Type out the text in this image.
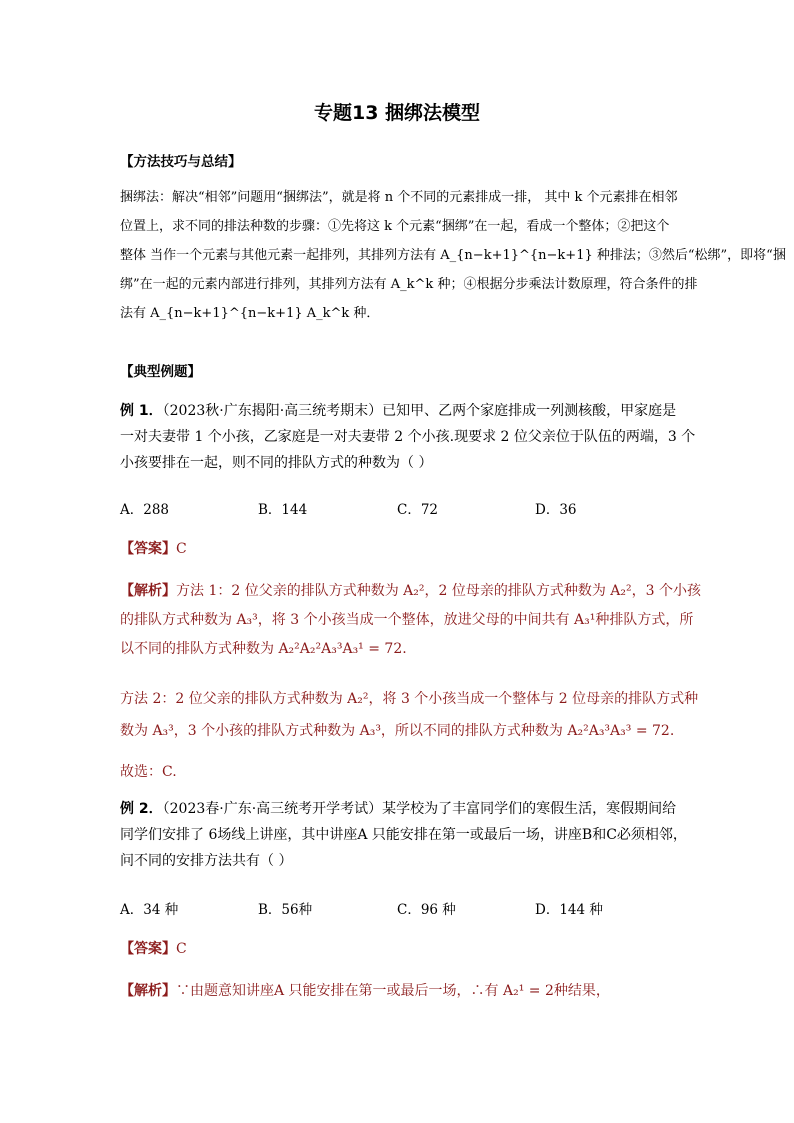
专题13 捆绑法模型
【方法技巧与总结】
捆绑法：解决“相邻”问题用“捆绑法”，就是将 n 个不同的元素排成一排， 其中 k 个元素排在相邻
位置上，求不同的排法种数的步骤：①先将这 k 个元素“捆绑”在一起，看成一个整体；②把这个
整体 当作一个元素与其他元素一起排列，其排列方法有 A_{n−k+1}^{n−k+1} 种排法；③然后“松绑”，即将“捆
绑”在一起的元素内部进行排列，其排列方法有 A_k^k 种；④根据分步乘法计数原理，符合条件的排
法有 A_{n−k+1}^{n−k+1} A_k^k 种．
【典型例题】
例 1．（2023秋·广东揭阳·高三统考期末）已知甲、乙两个家庭排成一列测核酸，甲家庭是
一对夫妻带 1 个小孩，乙家庭是一对夫妻带 2 个小孩.现要求 2 位父亲位于队伍的两端，3 个
小孩要排在一起，则不同的排队方式的种数为（ ）
A．288	B．144	C．72	D．36
【答案】C
【解析】方法 1：2 位父亲的排队方式种数为 A₂²，2 位母亲的排队方式种数为 A₂²，3 个小孩
的排队方式种数为 A₃³，将 3 个小孩当成一个整体，放进父母的中间共有 A₃¹种排队方式，所
以不同的排队方式种数为 A₂²A₂²A₃³A₃¹ = 72.
方法 2：2 位父亲的排队方式种数为 A₂²，将 3 个小孩当成一个整体与 2 位母亲的排队方式种
数为 A₃³，3 个小孩的排队方式种数为 A₃³，所以不同的排队方式种数为 A₂²A₃³A₃³ = 72.
故选：C.
例 2．（2023春·广东·高三统考开学考试）某学校为了丰富同学们的寒假生活，寒假期间给
同学们安排了 6场线上讲座，其中讲座A 只能安排在第一或最后一场，讲座B和C必须相邻，
问不同的安排方法共有（ ）
A．34 种	B．56种	C．96 种	D．144 种
【答案】C
【解析】∵由题意知讲座A 只能安排在第一或最后一场，∴有 A₂¹ = 2种结果，
